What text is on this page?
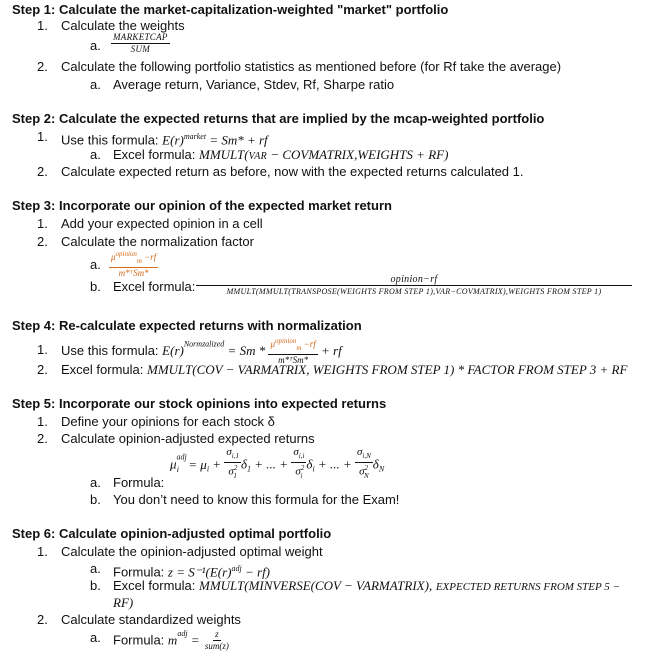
Step 1: Calculate the market-capitalization-weighted "market" portfolio
1. Calculate the weights
a. $\frac{\text{MARKETCAP}}{\text{SUM}}$
2. Calculate the following portfolio statistics as mentioned before (for Rf take the average)
a. Average return, Variance, Stdev, Rf, Sharpe ratio
Step 2: Calculate the expected returns that are implied by the mcap-weighted portfolio
1. Use this formula: $E(r)^{market} = Sm*$ + rf
a. Excel formula: MMULT(VAR − COVMATRIX,WEIGHTS + RF)
2. Calculate expected return as before, now with the expected returns calculated 1.
Step 3: Incorporate our opinion of the expected market return
1. Add your expected opinion in a cell
2. Calculate the normalization factor
a. $\frac{\mu^{opinion}_m -rf}{\text{m*ᵀSm*}}$
b. Excel formula:	opinion−rf
MMULT(MMULT(TRANSPOSE(WEIGHTS FROM STEP 1),VAR−COVMATRIX),WEIGHTS FROM STEP 1)
Step 4: Re-calculate expected returns with normalization
1. Use this formula: $E(r)^{Normzalized} = Sm * \frac{\mu^{opinion}_m -rf}{\text{m*ᵀSm*}}$ + rf
2. Excel formula: MMULT(COV − VARMATRIX, WEIGHTS FROM STEP 1) * FACTOR FROM STEP 3 + RF
Step 5: Incorporate our stock opinions into expected returns
1. Define your opinions for each stock δ
2. Calculate opinion-adjusted expected returns
$\mu^{adj}_i = \mu_i + \frac{\sigma_{i,1}}{\sigma^2_1} \delta_1$ + ... + $\frac{\sigma_{i,i}}{\sigma^2_i} \delta_i$ + ... + $\frac{\sigma_{i,N}}{\sigma^2_N} \delta_N$
a. Formula:
b. You don’t need to know this formula for the Exam!
Step 6: Calculate opinion-adjusted optimal portfolio
1. Calculate the opinion-adjusted optimal weight
a. Formula: $z = S^{-1}(E(r)^{adj} - rf)$
b. Excel formula: MMULT(MINVERSE(COV − VARMATRIX), EXPECTED RETURNS FROM STEP 5 −
RF)
2. Calculate standardized weights
a. Formula: $m^{adj} = \frac{z}{\text{sum(z)}}$
